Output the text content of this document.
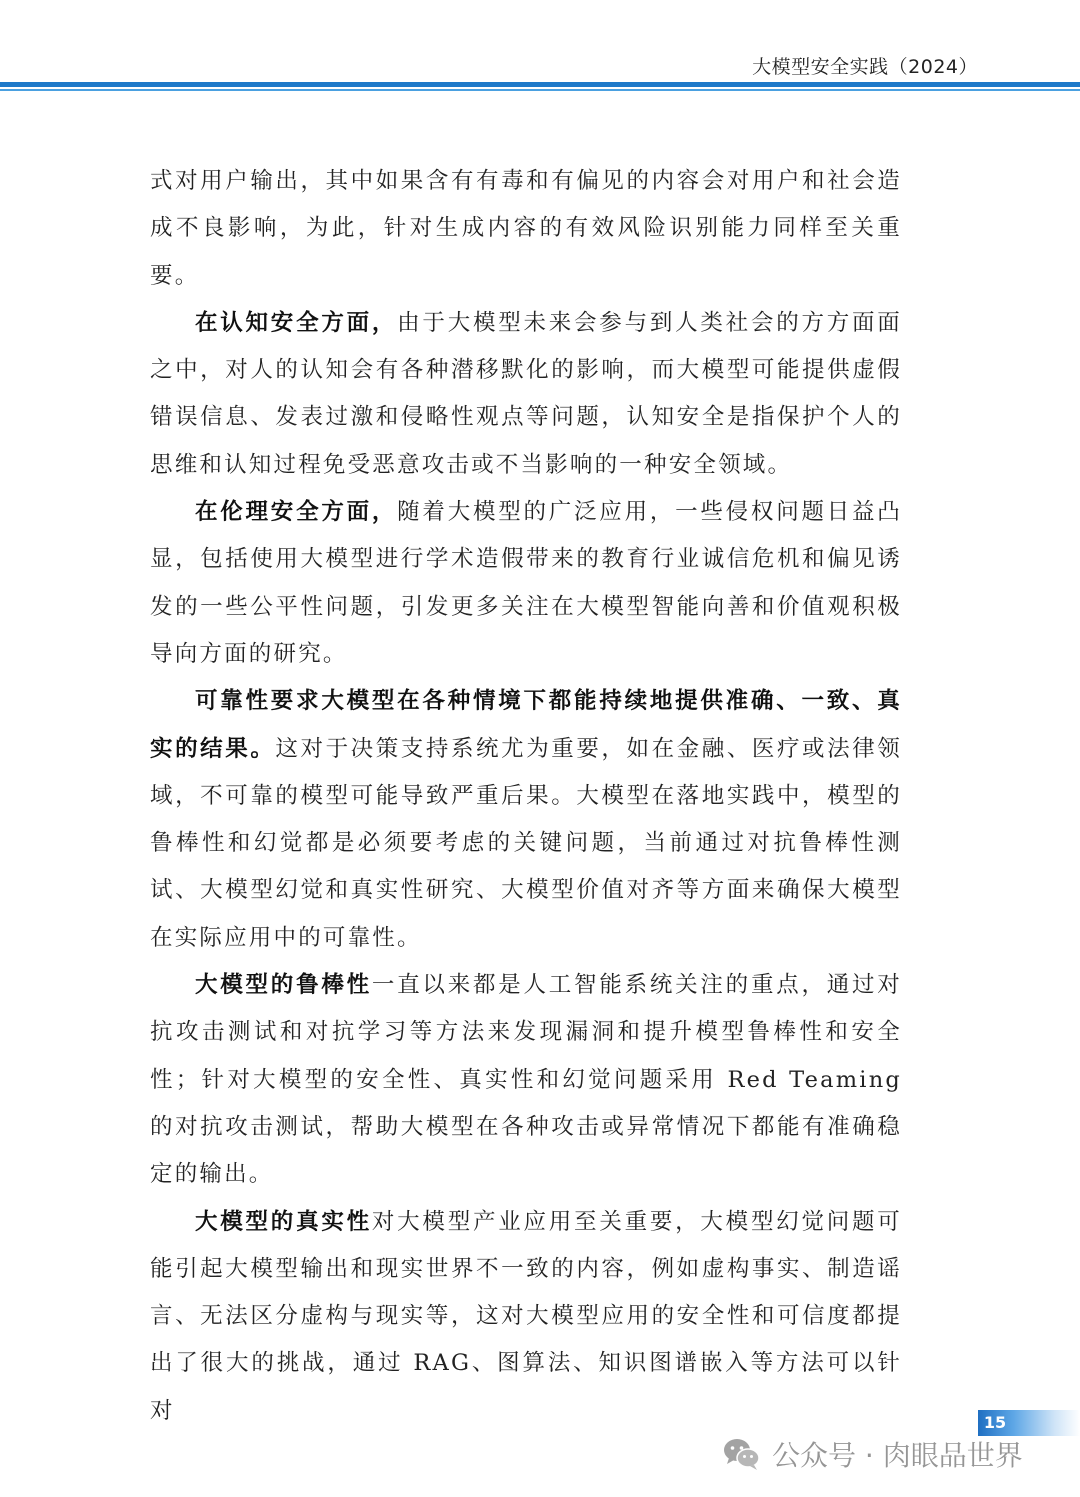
大模型安全实践（2024）

式对用户输出，其中如果含有有毒和有偏见的内容会对用户和社会造成不良影响，为此，针对生成内容的有效风险识别能力同样至关重要。

在认知安全方面，由于大模型未来会参与到人类社会的方方面面之中，对人的认知会有各种潜移默化的影响，而大模型可能提供虚假错误信息、发表过激和侵略性观点等问题，认知安全是指保护个人的思维和认知过程免受恶意攻击或不当影响的一种安全领域。

在伦理安全方面，随着大模型的广泛应用，一些侵权问题日益凸显，包括使用大模型进行学术造假带来的教育行业诚信危机和偏见诱发的一些公平性问题，引发更多关注在大模型智能向善和价值观积极导向方面的研究。

可靠性要求大模型在各种情境下都能持续地提供准确、一致、真实的结果。这对于决策支持系统尤为重要，如在金融、医疗或法律领域，不可靠的模型可能导致严重后果。大模型在落地实践中，模型的鲁棒性和幻觉都是必须要考虑的关键问题，当前通过对抗鲁棒性测试、大模型幻觉和真实性研究、大模型价值对齐等方面来确保大模型在实际应用中的可靠性。

大模型的鲁棒性一直以来都是人工智能系统关注的重点，通过对抗攻击测试和对抗学习等方法来发现漏洞和提升模型鲁棒性和安全性；针对大模型的安全性、真实性和幻觉问题采用 Red Teaming 的对抗攻击测试，帮助大模型在各种攻击或异常情况下都能有准确稳定的输出。

大模型的真实性对大模型产业应用至关重要，大模型幻觉问题可能引起大模型输出和现实世界不一致的内容，例如虚构事实、制造谣言、无法区分虚构与现实等，这对大模型应用的安全性和可信度都提出了很大的挑战，通过 RAG、图算法、知识图谱嵌入等方法可以针对	15
公众号 · 肉眼品世界
